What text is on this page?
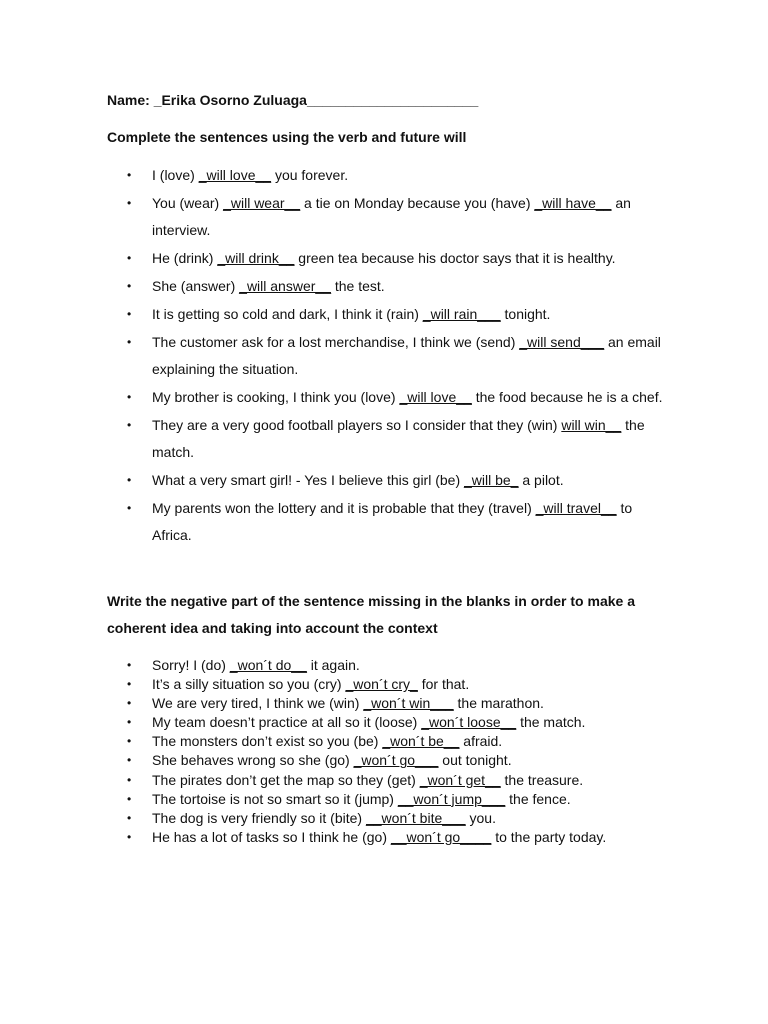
Name: _Erika Osorno Zuluaga______________________
Complete the sentences using the verb and future will
• I (love) _will love__ you forever.
• You (wear) _will wear__ a tie on Monday because you (have) _will have__ an interview.
• He (drink) _will drink__ green tea because his doctor says that it is healthy.
• She (answer) _will answer__ the test.
• It is getting so cold and dark, I think it (rain) _will rain___ tonight.
• The customer ask for a lost merchandise, I think we (send) _will send___ an email explaining the situation.
• My brother is cooking, I think you (love) _will love__ the food because he is a chef.
• They are a very good football players so I consider that they (win) will win__ the match.
• What a very smart girl! - Yes I believe this girl (be) _will be_ a pilot.
• My parents won the lottery and it is probable that they (travel) _will travel__ to Africa.
Write the negative part of the sentence missing in the blanks in order to make a coherent idea and taking into account the context
• Sorry! I (do) _won´t do__ it again.
• It’s a silly situation so you (cry) _won´t cry_ for that.
• We are very tired, I think we (win) _won´t win___ the marathon.
• My team doesn’t practice at all so it (loose) _won´t loose__ the match.
• The monsters don’t exist so you (be) _won´t be__ afraid.
• She behaves wrong so she (go) _won´t go___ out tonight.
• The pirates don’t get the map so they (get) _won´t get__ the treasure.
• The tortoise is not so smart so it (jump) __won´t jump___ the fence.
• The dog is very friendly so it (bite) __won´t bite___ you.
• He has a lot of tasks so I think he (go) __won´t go____ to the party today.
